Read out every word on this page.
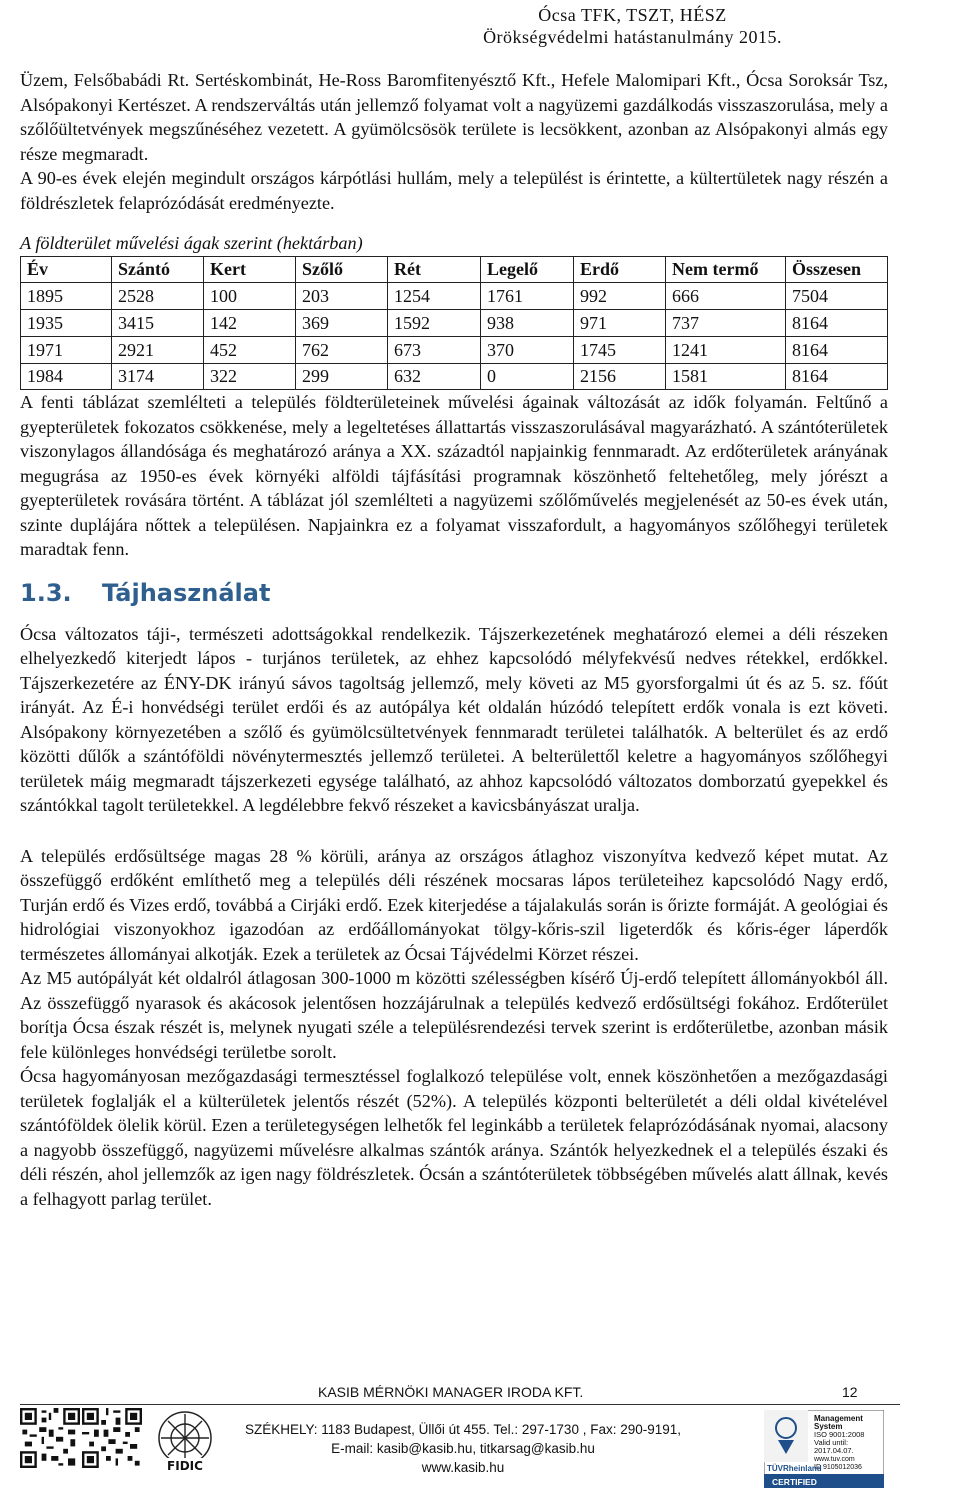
Ócsa TFK, TSZT, HÉSZ
Örökségvédelmi hatástanulmány 2015.

Üzem, Felsőbabádi Rt. Sertéskombinát, He-Ross Baromfitenyésztő Kft., Hefele Malomipari Kft., Ócsa Soroksár Tsz, Alsópakonyi Kertészet. A rendszerváltás után jellemző folyamat volt a nagyüzemi gazdálkodás visszaszorulása, mely a szőlőültetvények megszűnéséhez vezetett. A gyümölcsösök területe is lecsökkent, azonban az Alsópakonyi almás egy része megmaradt.

A 90-es évek elején megindult országos kárpótlási hullám, mely a települést is érintette, a kültertületek nagy részén a földrészletek felaprózódását eredményezte.

A földterület művelési ágak szerint (hektárban)

Év	Szántó	Kert	Szőlő	Rét	Legelő	Erdő	Nem termő	Összesen
1895	2528	100	203	1254	1761	992	666	7504
1935	3415	142	369	1592	938	971	737	8164
1971	2921	452	762	673	370	1745	1241	8164
1984	3174	322	299	632	0	2156	1581	8164

A fenti táblázat szemlélteti a település földterületeinek művelési ágainak változását az idők folyamán. Feltűnő a gyepterületek fokozatos csökkenése, mely a legeltetéses állattartás visszaszorulásával magyarázható. A szántóterületek viszonylagos állandósága és meghatározó aránya a XX. századtól napjainkig fennmaradt. Az erdőterületek arányának megugrása az 1950-es évek környéki alföldi tájfásítási programnak köszönhető feltehetőleg, mely jórészt a gyepterületek rovására történt. A táblázat jól szemlélteti a nagyüzemi szőlőművelés megjelenését az 50-es évek után, szinte duplájára nőttek a településen. Napjainkra ez a folyamat visszafordult, a hagyományos szőlőhegyi területek maradtak fenn.

1.3. Tájhasználat

Ócsa változatos táji-, természeti adottságokkal rendelkezik. Tájszerkezetének meghatározó elemei a déli részeken elhelyezkedő kiterjedt lápos - turjános területek, az ehhez kapcsolódó mélyfekvésű nedves rétekkel, erdőkkel. Tájszerkezetére az ÉNY-DK irányú sávos tagoltság jellemző, mely követi az M5 gyorsforgalmi út és az 5. sz. főút irányát. Az É-i honvédségi terület erdői és az autópálya két oldalán húzódó telepített erdők vonala is ezt követi. Alsópakony környezetében a szőlő és gyümölcsültetvények fennmaradt területei találhatók. A belterület és az erdő közötti dűlők a szántóföldi növénytermesztés jellemző területei. A belterülettől keletre a hagyományos szőlőhegyi területek máig megmaradt tájszerkezeti egysége található, az ahhoz kapcsolódó változatos domborzatú gyepekkel és szántókkal tagolt területekkel. A legdélebbre fekvő részeket a kavicsbányászat uralja.

A település erdősültsége magas 28 % körüli, aránya az országos átlaghoz viszonyítva kedvező képet mutat. Az összefüggő erdőként említhető meg a település déli részének mocsaras lápos területeihez kapcsolódó Nagy erdő, Turján erdő és Vizes erdő, továbbá a Cirjáki erdő. Ezek kiterjedése a tájalakulás során is őrizte formáját. A geológiai és hidrológiai viszonyokhoz igazodóan az erdőállományokat tölgy-kőris-szil ligeterdők és kőris-éger láperdők természetes állományai alkotják. Ezek a területek az Ócsai Tájvédelmi Körzet részei.

Az M5 autópályát két oldalról átlagosan 300-1000 m közötti szélességben kísérő Új-erdő telepített állományokból áll. Az összefüggő nyarasok és akácosok jelentősen hozzájárulnak a település kedvező erdősültségi fokához. Erdőterület borítja Ócsa észak részét is, melynek nyugati széle a településrendezési tervek szerint is erdőterületbe, azonban másik fele különleges honvédségi területbe sorolt.

Ócsa hagyományosan mezőgazdasági termesztéssel foglalkozó települése volt, ennek köszönhetően a mezőgazdasági területek foglalják el a külterületek jelentős részét (52%). A település központi belterületét a déli oldal kivételével szántóföldek ölelik körül. Ezen a területegységen lelhetők fel leginkább a területek felaprózódásának nyomai, alacsony a nagyobb összefüggő, nagyüzemi művelésre alkalmas szántók aránya. Szántók helyezkednek el a település északi és déli részén, ahol jellemzők az igen nagy földrészletek. Ócsán a szántóterületek többségében művelés alatt állnak, kevés a felhagyott parlag terület.

KASIB MÉRNÖKI MANAGER IRODA KFT.	12
FIDIC
SZÉKHELY: 1183 Budapest, Üllői út 455. Tel.: 297-1730 , Fax: 290-9191,
E-mail: kasib@kasib.hu, titkarsag@kasib.hu
www.kasib.hu
Management
System
ISO 9001:2008
Valid until:
2017.04.07.
www.tuv.com
ID 9105012036
TÜVRheinland
CERTIFIED
